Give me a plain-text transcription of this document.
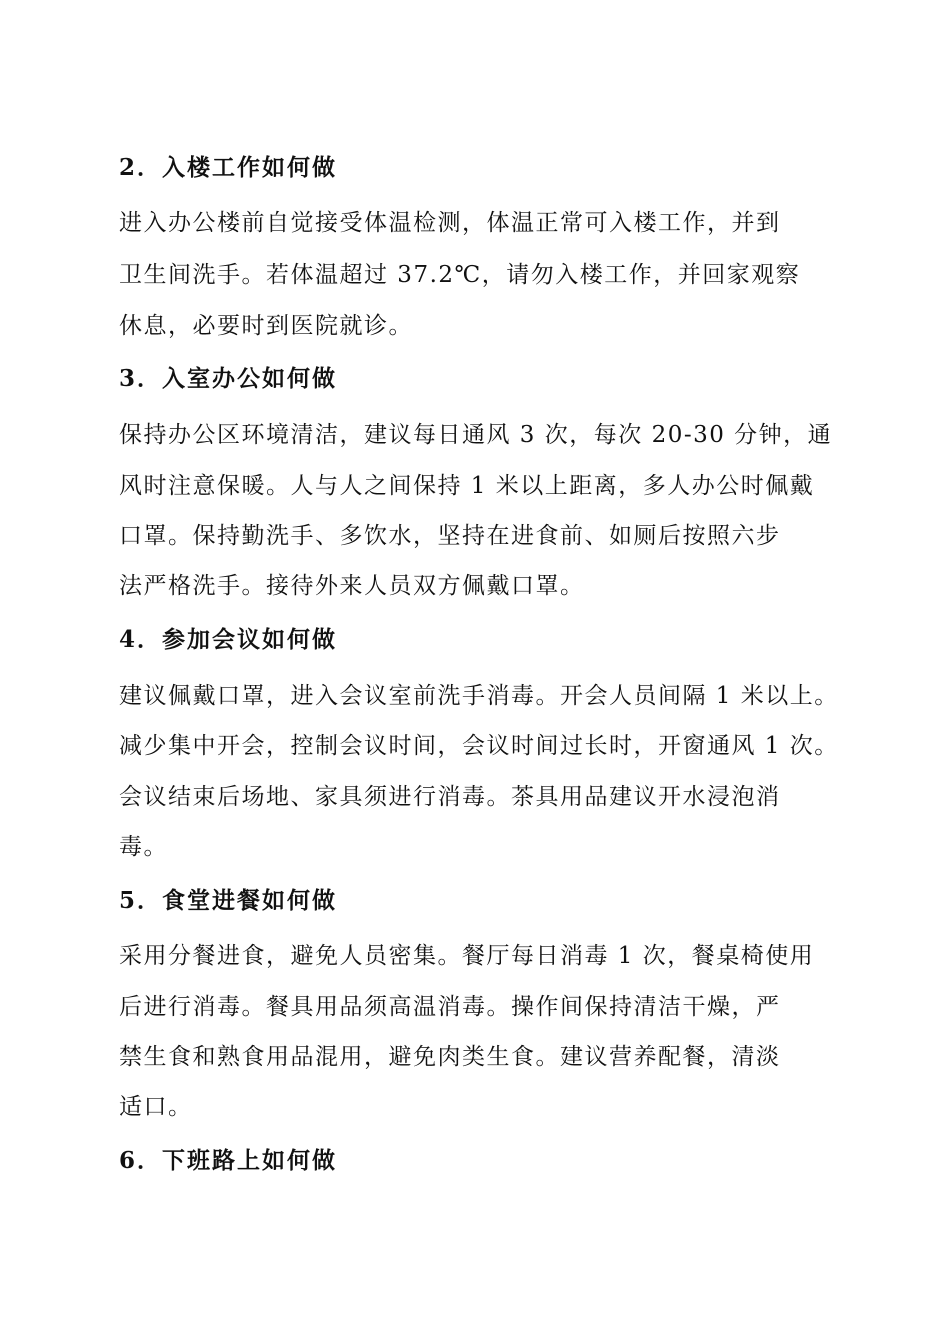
2．入楼工作如何做
进入办公楼前自觉接受体温检测，体温正常可入楼工作，并到
卫生间洗手。若体温超过 37.2℃，请勿入楼工作，并回家观察
休息，必要时到医院就诊。
3．入室办公如何做
保持办公区环境清洁，建议每日通风 3 次，每次 20-30 分钟，通
风时注意保暖。人与人之间保持 1 米以上距离，多人办公时佩戴
口罩。保持勤洗手、多饮水，坚持在进食前、如厕后按照六步
法严格洗手。接待外来人员双方佩戴口罩。
4．参加会议如何做
建议佩戴口罩，进入会议室前洗手消毒。开会人员间隔 1 米以上。
减少集中开会，控制会议时间，会议时间过长时，开窗通风 1 次。
会议结束后场地、家具须进行消毒。茶具用品建议开水浸泡消
毒。
5．食堂进餐如何做
采用分餐进食，避免人员密集。餐厅每日消毒 1 次，餐桌椅使用
后进行消毒。餐具用品须高温消毒。操作间保持清洁干燥，严
禁生食和熟食用品混用，避免肉类生食。建议营养配餐，清淡
适口。
6．下班路上如何做
